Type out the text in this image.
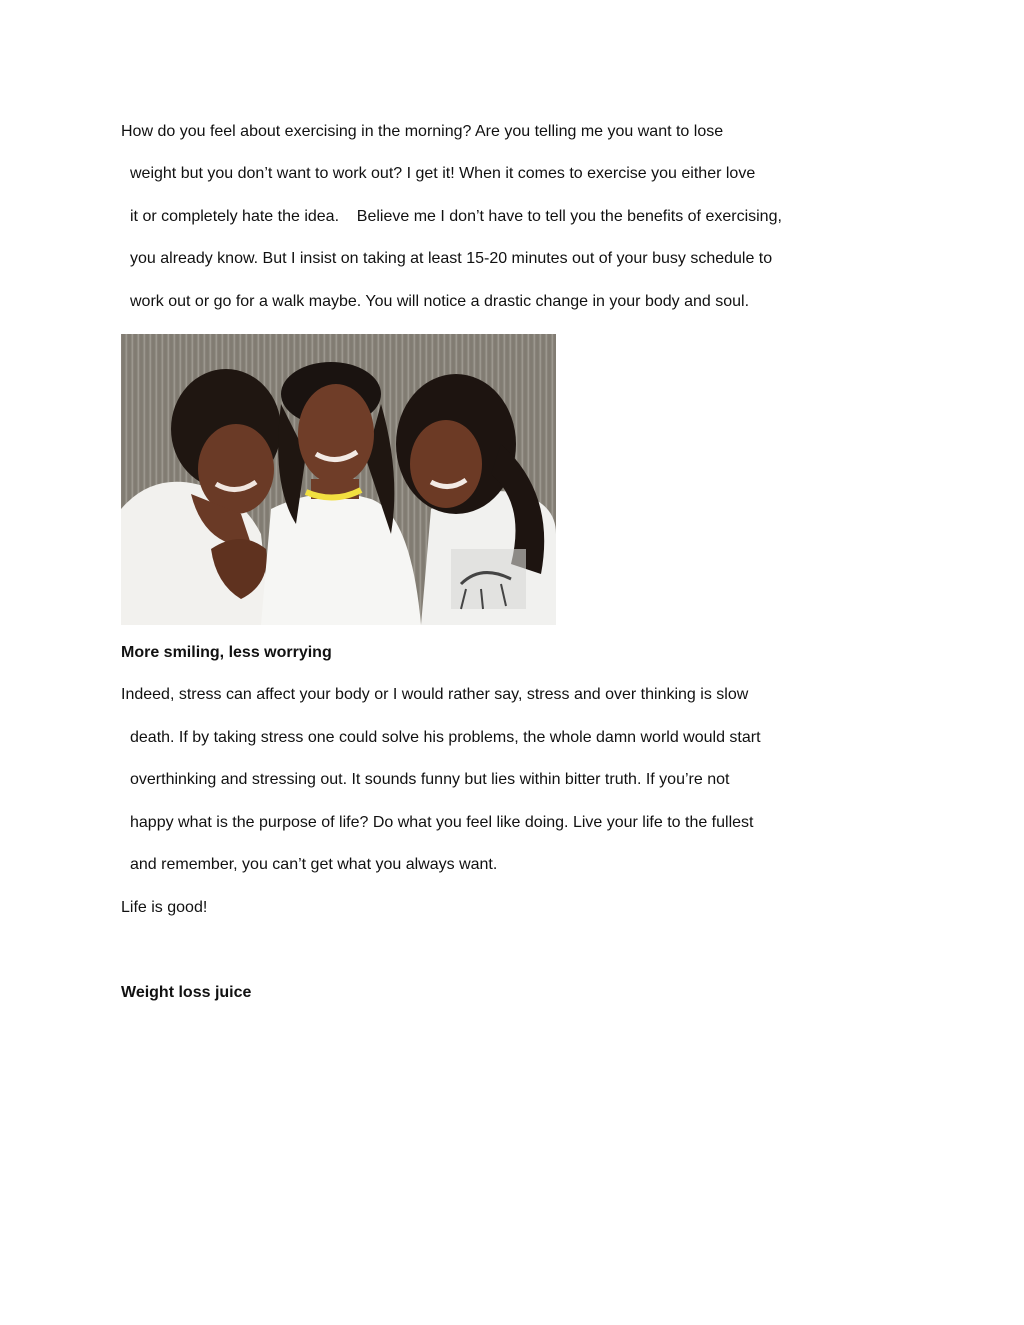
How do you feel about exercising in the morning? Are you telling me you want to lose
weight but you don’t want to work out? I get it! When it comes to exercise you either love
it or completely hate the idea.    Believe me I don’t have to tell you the benefits of exercising,
you already know. But I insist on taking at least 15-20 minutes out of your busy schedule to
work out or go for a walk maybe. You will notice a drastic change in your body and soul.
More smiling, less worrying
Indeed, stress can affect your body or I would rather say, stress and over thinking is slow
death. If by taking stress one could solve his problems, the whole damn world would start
overthinking and stressing out. It sounds funny but lies within bitter truth. If you’re not
happy what is the purpose of life? Do what you feel like doing. Live your life to the fullest
and remember, you can’t get what you always want.
Life is good!
Weight loss juice
